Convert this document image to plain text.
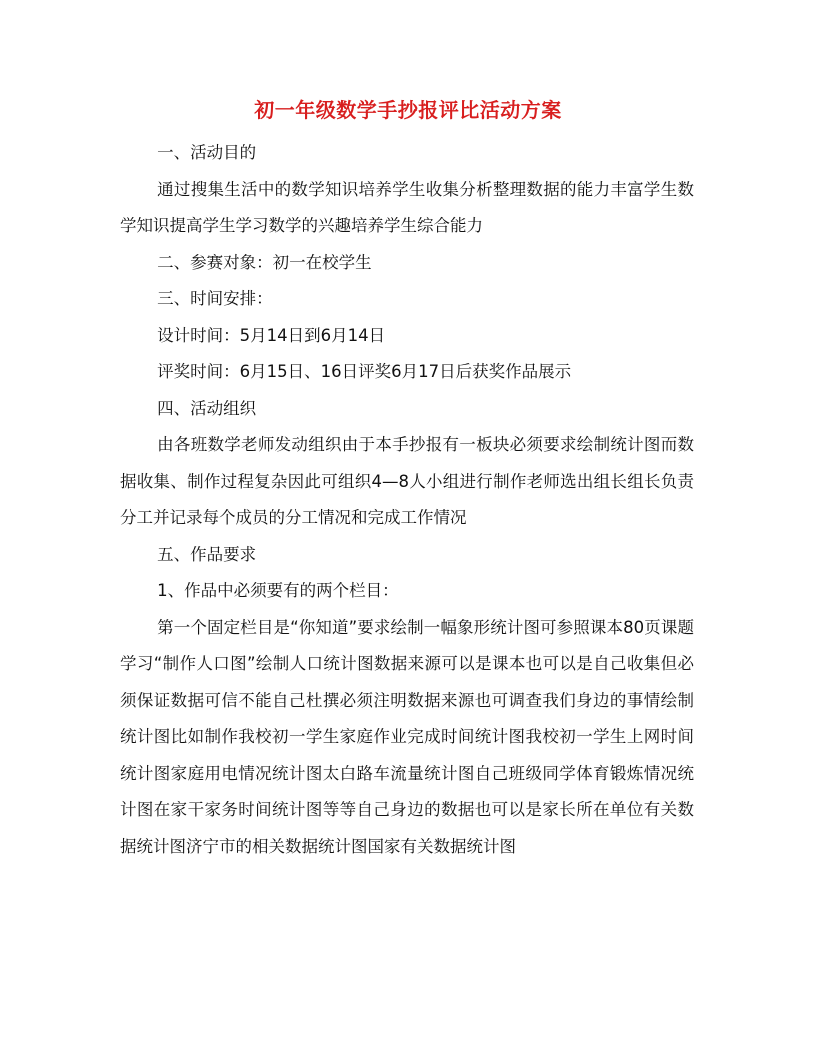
初一年级数学手抄报评比活动方案

一、活动目的

通过搜集生活中的数学知识培养学生收集分析整理数据的能力丰富学生数学知识提高学生学习数学的兴趣培养学生综合能力

二、参赛对象：初一在校学生

三、时间安排：

设计时间：5月14日到6月14日

评奖时间：6月15日、16日评奖6月17日后获奖作品展示

四、活动组织

由各班数学老师发动组织由于本手抄报有一板块必须要求绘制统计图而数据收集、制作过程复杂因此可组织4—8人小组进行制作老师选出组长组长负责分工并记录每个成员的分工情况和完成工作情况

五、作品要求

1、作品中必须要有的两个栏目：

第一个固定栏目是“你知道”要求绘制一幅象形统计图可参照课本80页课题学习“制作人口图”绘制人口统计图数据来源可以是课本也可以是自己收集但必须保证数据可信不能自己杜撰必须注明数据来源也可调查我们身边的事情绘制统计图比如制作我校初一学生家庭作业完成时间统计图我校初一学生上网时间统计图家庭用电情况统计图太白路车流量统计图自己班级同学体育锻炼情况统计图在家干家务时间统计图等等自己身边的数据也可以是家长所在单位有关数据统计图济宁市的相关数据统计图国家有关数据统计图
